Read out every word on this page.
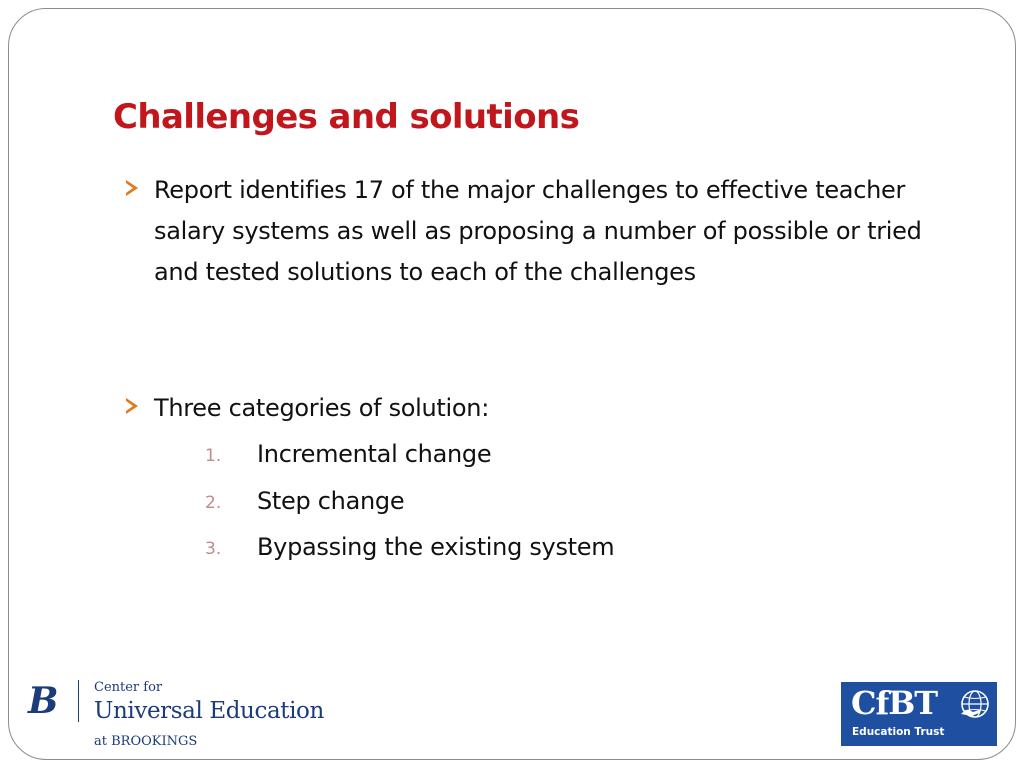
Challenges and solutions
Report identifies 17 of the major challenges to effective teacher salary systems as well as proposing a number of possible or tried and tested solutions to each of the challenges
Three categories of solution:
1. Incremental change
2. Step change
3. Bypassing the existing system
B	Center for
Universal Education
at BROOKINGS
CfBT
Education Trust
